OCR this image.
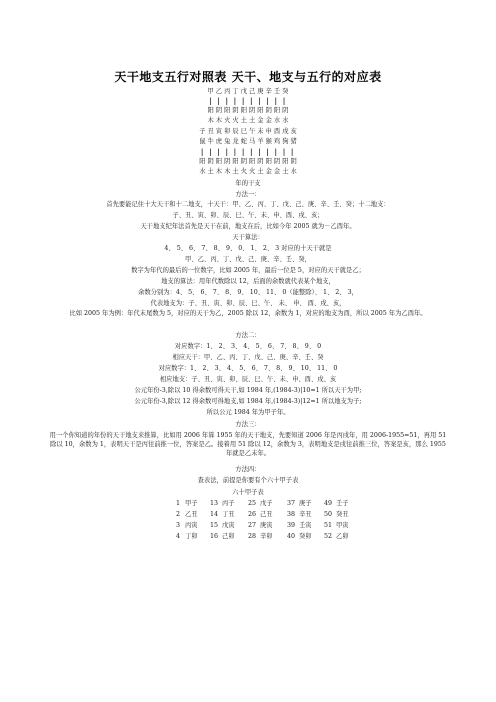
天干地支五行对照表 天干、地支与五行的对应表
甲 乙 丙 丁 戊 己 庚 辛 壬 癸
| | | | | | | | | |
阳 阴 阳 阴 阳 阴 阳 阴 阳 阴
木 木 火 火 土 土 金 金 水 水
子 丑 寅 卯 辰 巳 午 未 申 酉 戌 亥
鼠 牛 虎 兔 龙 蛇 马 羊 猴 鸡 狗 猪
| | | | | | | | | | | |
阳 阴 阳 阴 阳 阴 阳 阴 阳 阴 阳 阴
水 土 木 木 土 火 火 土 金 金 土 水
年的干支
方法一：
首先要能记住十大天干和十二地支，十天干：甲、乙、丙、丁、戊、己、庚、辛、壬、癸；十二地支：
子、丑、寅、卯、辰、巳、午、未、申、酉、戌、亥；
天干地支纪年法首先是天干在前，地支在后，比如今年 2005 就为－乙酉年。
天干算法：
4、 5、 6、 7、 8、 9、 0、 1、 2、 3 对应的十天干就是
甲、乙、丙、丁、戊、己、庚、辛、壬、癸，
数字为年代的最后的一位数字，比如 2005 年，最后一位是 5，对应的天干就是乙；
地支的算法：用年代数除以 12，后面的余数就代表某个地支，
余数分别为：4、 5、 6、 7、 8、 9、 10、 11、 0（能整除）、 1、 2、 3，
代表地支为：子、丑、寅、卯、辰、巳、午、 未、 申、 酉、戌、亥，
比如 2005 年为例：年代末尾数为 5，对应的天干为乙，2005 除以 12，余数为 1，对应的地支为酉，所以 2005 年为乙酉年。
方法二：
对应数字：1、 2、 3、 4、 5、 6、 7、 8、 9、 0
相应天干：甲、乙、丙、丁、戊、己、庚、辛、壬、癸
对应数字：1、 2、 3、 4、 5、 6、 7、 8、 9、 10、 11、 0
相应地支：子、丑、寅、卯、辰、巳、午、未、申、酉、戌、亥
公元年份-3,除以 10 得余数可得天干,如 1984 年,(1984-3)|10=1 所以天干为甲;
公元年份-3,除以 12 得余数可得地支,如 1984 年,(1984-3)|12=1 所以地支为子;
所以公元 1984 年为甲子年。
方法三：
用一个你知道的年份的天干地支来推算，比如用 2006 年算 1955 年的天干地支，先要知道 2006 年是丙戌年，用 2006-1955=51，再用 51 除以 10，余数为 1，表明天干是丙往前推一位，答案是乙。接着用 51 除以 12，余数为 3，表明地支是戌往前推三位，答案是亥，那么 1955 年就是乙未年。
方法四：
查表法，前提是你要有个六十甲子表
六十甲子表
1 甲子 13 丙子 25 戊子 37 庚子 49 壬子
2 乙丑 14 丁丑 26 己丑 38 辛丑 50 癸丑
3 丙寅 15 戊寅 27 庚寅 39 壬寅 51 甲寅
4 丁卯 16 己卯 28 辛卯 40 癸卯 52 乙卯
